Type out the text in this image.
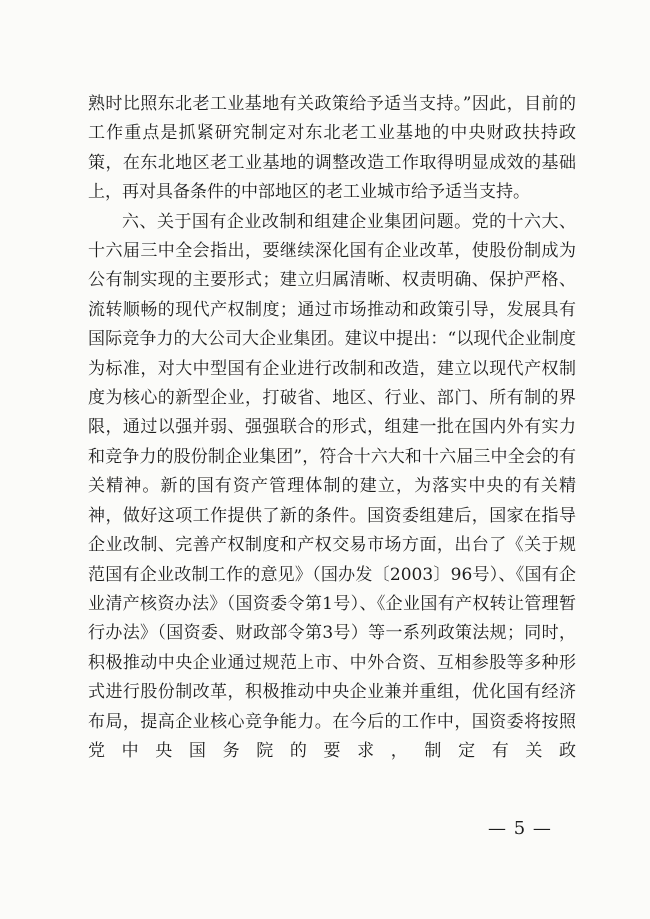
熟时比照东北老工业基地有关政策给予适当支持。”因此，目前的工作重点是抓紧研究制定对东北老工业基地的中央财政扶持政策，在东北地区老工业基地的调整改造工作取得明显成效的基础上，再对具备条件的中部地区的老工业城市给予适当支持。

六、关于国有企业改制和组建企业集团问题。党的十六大、十六届三中全会指出，要继续深化国有企业改革，使股份制成为公有制实现的主要形式；建立归属清晰、权责明确、保护严格、流转顺畅的现代产权制度；通过市场推动和政策引导，发展具有国际竞争力的大公司大企业集团。建议中提出：“以现代企业制度为标准，对大中型国有企业进行改制和改造，建立以现代产权制度为核心的新型企业，打破省、地区、行业、部门、所有制的界限，通过以强并弱、强强联合的形式，组建一批在国内外有实力和竞争力的股份制企业集团”，符合十六大和十六届三中全会的有关精神。新的国有资产管理体制的建立，为落实中央的有关精神，做好这项工作提供了新的条件。国资委组建后，国家在指导企业改制、完善产权制度和产权交易市场方面，出台了《关于规范国有企业改制工作的意见》（国办发〔2003〕96号）、《国有企业清产核资办法》（国资委令第1号）、《企业国有产权转让管理暂行办法》（国资委、财政部令第3号）等一系列政策法规；同时，积极推动中央企业通过规范上市、中外合资、互相参股等多种形式进行股份制改革，积极推动中央企业兼并重组，优化国有经济布局，提高企业核心竞争能力。在今后的工作中，国资委将按照党中央国务院的要求，制定有关政

— 5 —
